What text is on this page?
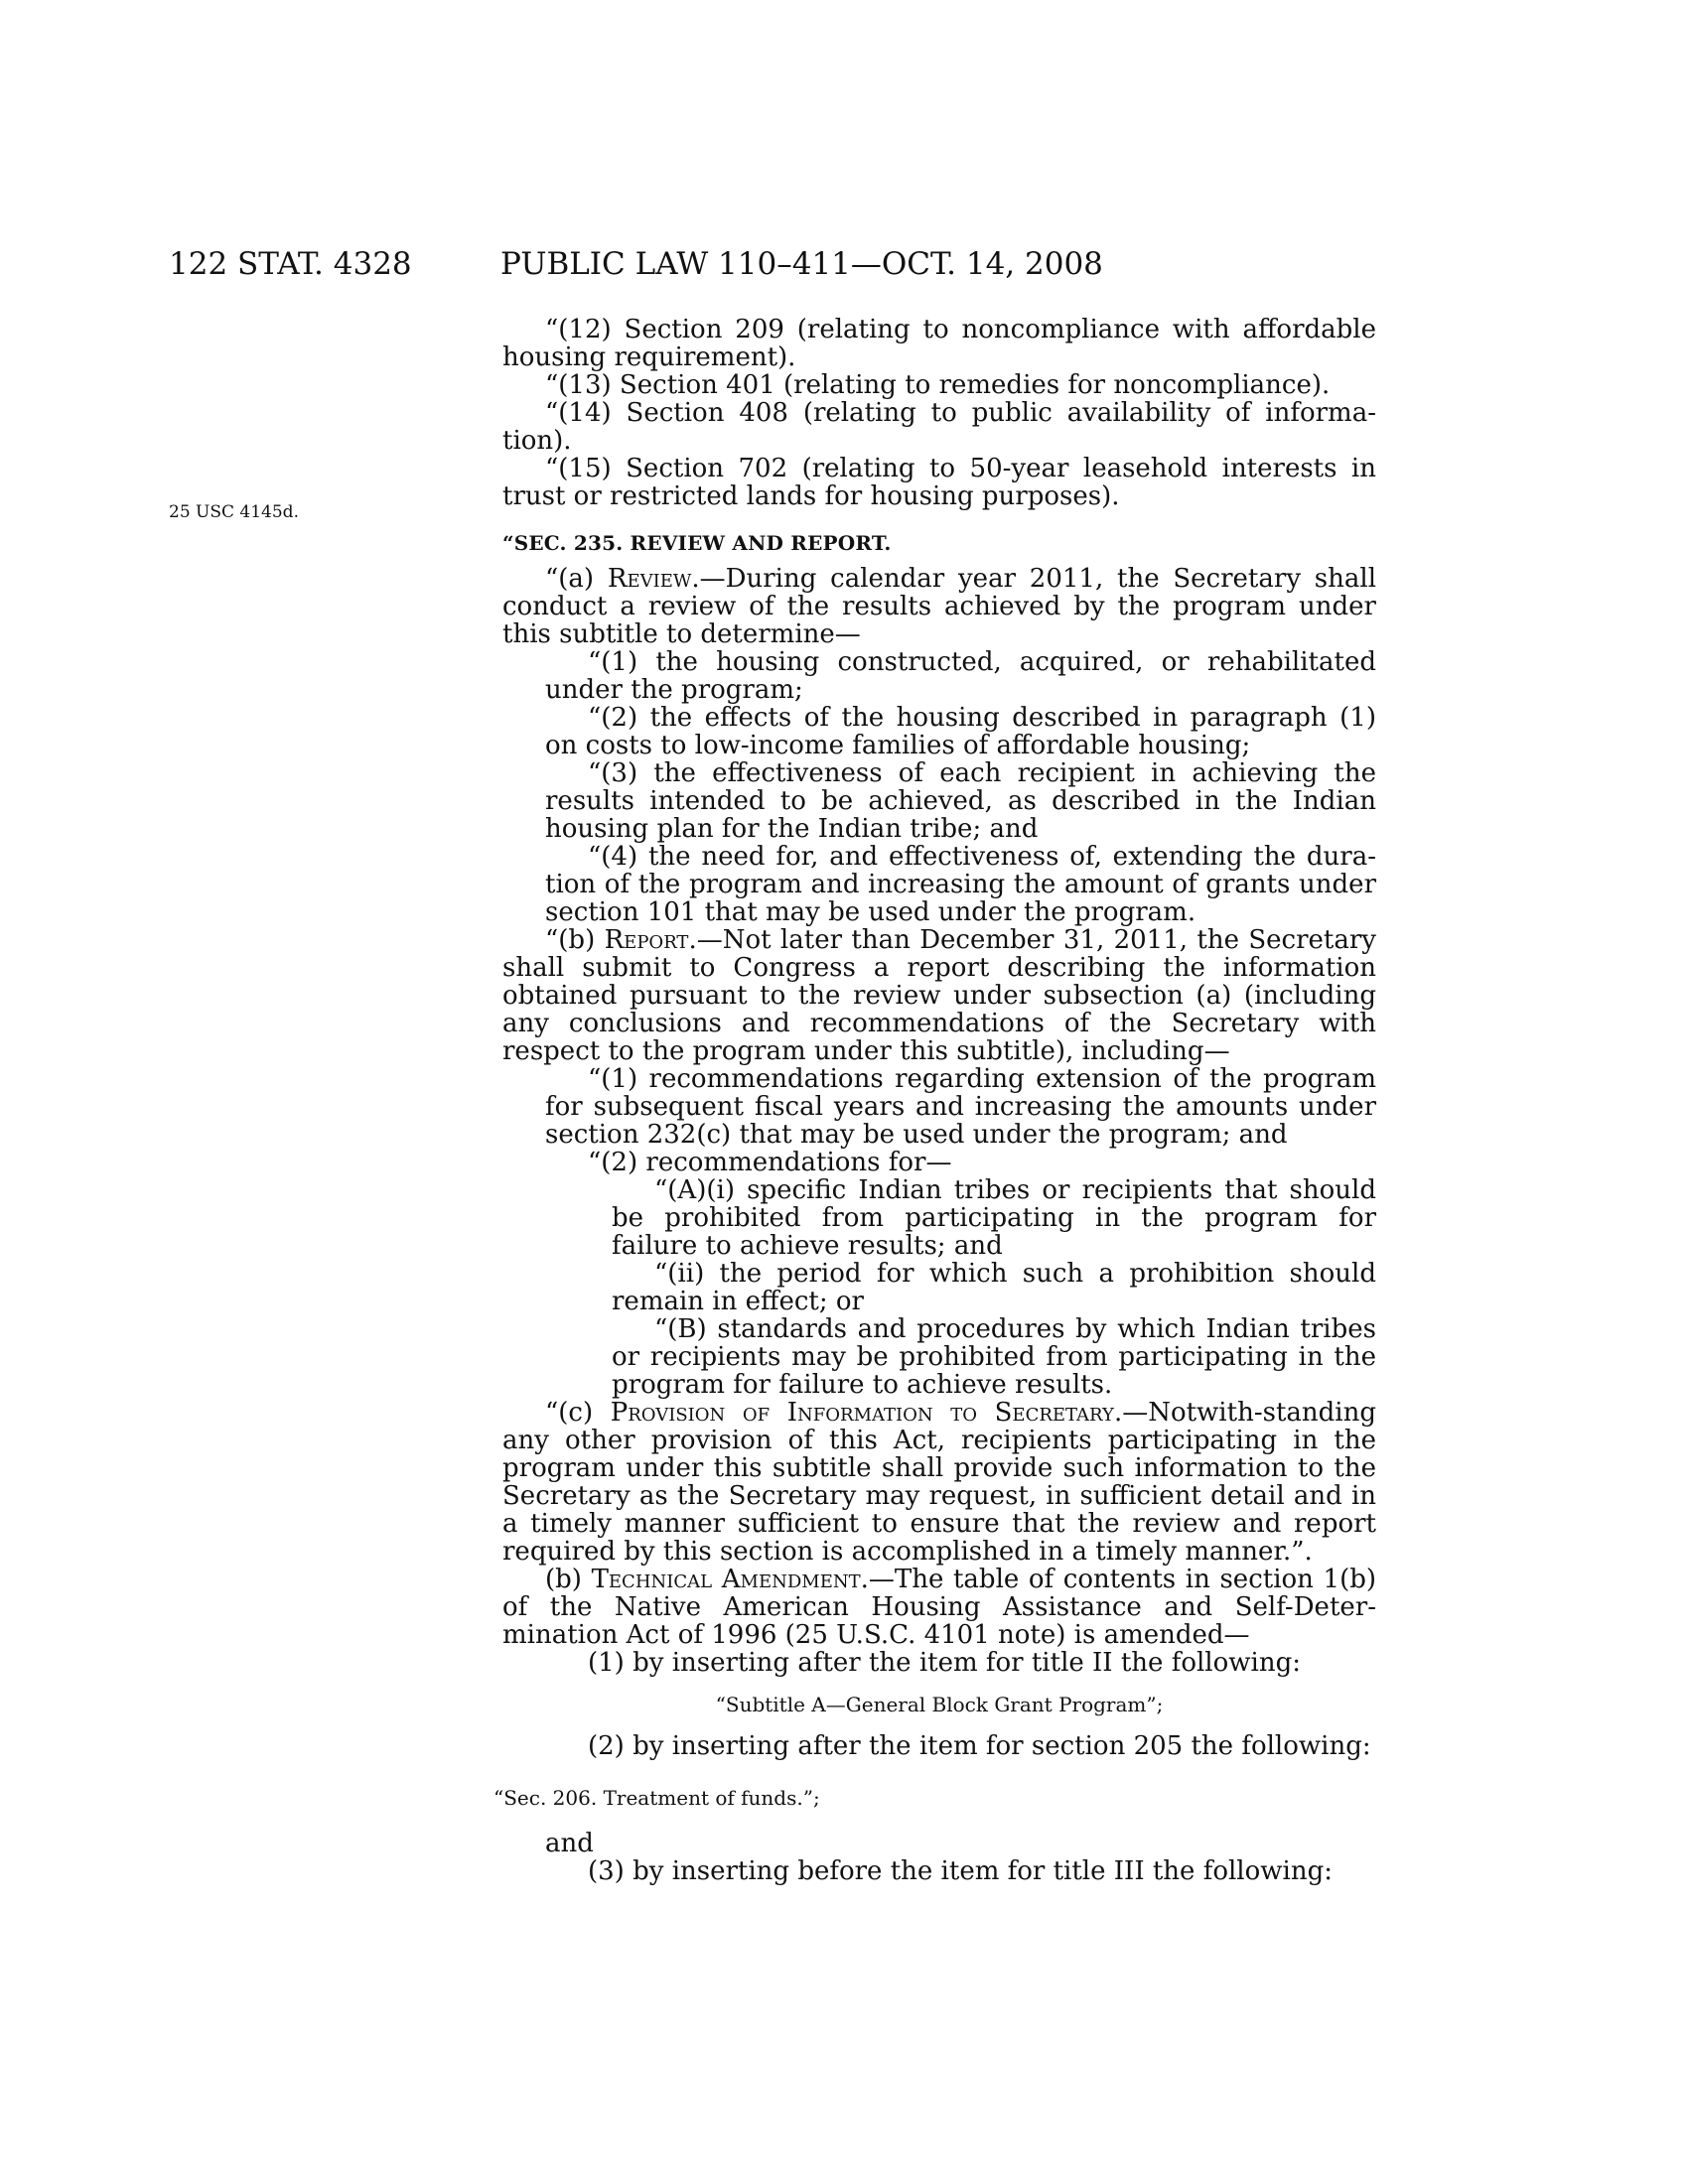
122 STAT. 4328	PUBLIC LAW 110–411—OCT. 14, 2008
25 USC 4145d.

“(12) Section 209 (relating to noncompliance with affordable housing requirement).

“(13) Section 401 (relating to remedies for noncompliance).

“(14) Section 408 (relating to public availability of informa-tion).

“(15) Section 702 (relating to 50-year leasehold interests in trust or restricted lands for housing purposes).

“SEC. 235. REVIEW AND REPORT.

“(a) Review.—During calendar year 2011, the Secretary shall conduct a review of the results achieved by the program under this subtitle to determine—

“(1) the housing constructed, acquired, or rehabilitated under the program;

“(2) the effects of the housing described in paragraph (1) on costs to low-income families of affordable housing;

“(3) the effectiveness of each recipient in achieving the results intended to be achieved, as described in the Indian housing plan for the Indian tribe; and

“(4) the need for, and effectiveness of, extending the dura-tion of the program and increasing the amount of grants under section 101 that may be used under the program.

“(b) Report.—Not later than December 31, 2011, the Secretary shall submit to Congress a report describing the information obtained pursuant to the review under subsection (a) (including any conclusions and recommendations of the Secretary with respect to the program under this subtitle), including—

“(1) recommendations regarding extension of the program for subsequent fiscal years and increasing the amounts under section 232(c) that may be used under the program; and

“(2) recommendations for—

“(A)(i) specific Indian tribes or recipients that should be prohibited from participating in the program for failure to achieve results; and

“(ii) the period for which such a prohibition should remain in effect; or

“(B) standards and procedures by which Indian tribes or recipients may be prohibited from participating in the program for failure to achieve results.

“(c) Provision of Information to Secretary.—Notwith-standing any other provision of this Act, recipients participating in the program under this subtitle shall provide such information to the Secretary as the Secretary may request, in sufficient detail and in a timely manner sufficient to ensure that the review and report required by this section is accomplished in a timely manner.”.

(b) Technical Amendment.—The table of contents in section 1(b) of the Native American Housing Assistance and Self-Deter-mination Act of 1996 (25 U.S.C. 4101 note) is amended—

(1) by inserting after the item for title II the following:

“Subtitle A—General Block Grant Program”;

(2) by inserting after the item for section 205 the following:

“Sec. 206. Treatment of funds.”;

and

(3) by inserting before the item for title III the following:
